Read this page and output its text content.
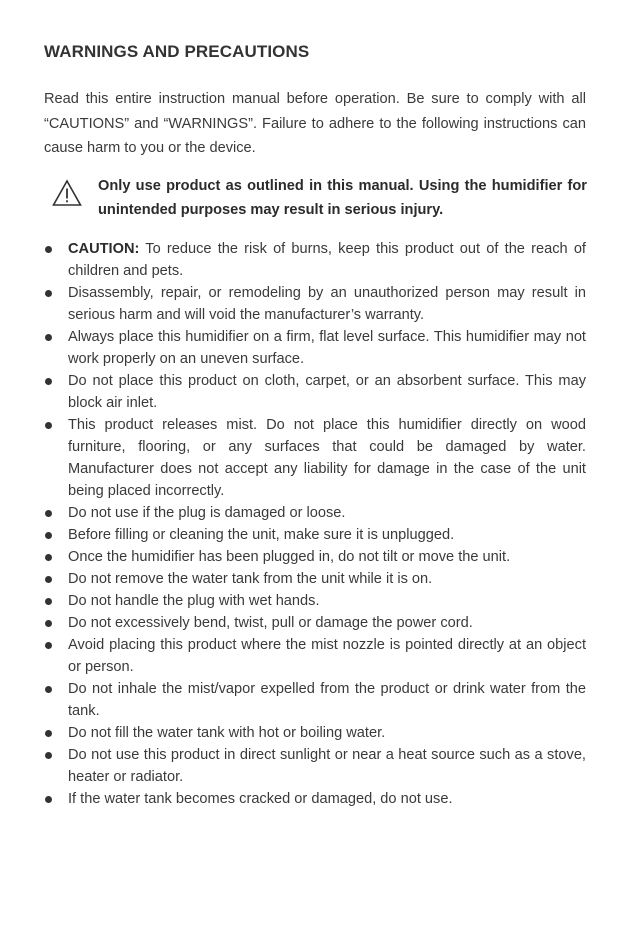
WARNINGS AND PRECAUTIONS
Read this entire instruction manual before operation. Be sure to comply with all “CAUTIONS” and “WARNINGS”. Failure to adhere to the following instructions can cause harm to you or the device.
Only use product as outlined in this manual. Using the humidifier for unintended purposes may result in serious injury.
CAUTION: To reduce the risk of burns, keep this product out of the reach of children and pets.
Disassembly, repair, or remodeling by an unauthorized person may result in serious harm and will void the manufacturer’s warranty.
Always place this humidifier on a firm, flat level surface. This humidifier may not work properly on an uneven surface.
Do not place this product on cloth, carpet, or an absorbent surface. This may block air inlet.
This product releases mist. Do not place this humidifier directly on wood furniture, flooring, or any surfaces that could be damaged by water. Manufacturer does not accept any liability for damage in the case of the unit being placed incorrectly.
Do not use if the plug is damaged or loose.
Before filling or cleaning the unit, make sure it is unplugged.
Once the humidifier has been plugged in, do not tilt or move the unit.
Do not remove the water tank from the unit while it is on.
Do not handle the plug with wet hands.
Do not excessively bend, twist, pull or damage the power cord.
Avoid placing this product where the mist nozzle is pointed directly at an object or person.
Do not inhale the mist/vapor expelled from the product or drink water from the tank.
Do not fill the water tank with hot or boiling water.
Do not use this product in direct sunlight or near a heat source such as a stove, heater or radiator.
If the water tank becomes cracked or damaged, do not use.
